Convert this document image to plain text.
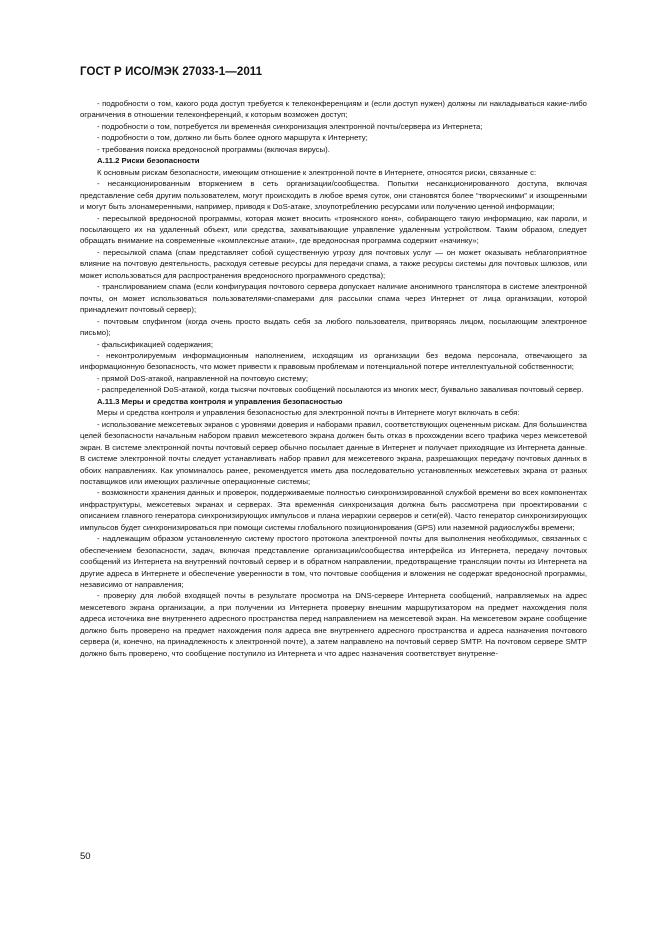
ГОСТ Р ИСО/МЭК 27033-1—2011

- подробности о том, какого рода доступ требуется к телеконференциям и (если доступ нужен) должны ли накладываться какие-либо ограничения в отношении телеконференций, к которым возможен доступ;

- подробности о том, потребуется ли временна́я синхронизация электронной почты/сервера из Интернета;

- подробности о том, должно ли быть более одного маршрута к Интернету;

- требования поиска вредоносной программы (включая вирусы).

А.11.2 Риски безопасности

К основным рискам безопасности, имеющим отношение к электронной почте в Интернете, относятся риски, связанные с:

- несанкционированным вторжением в сеть организации/сообщества. Попытки несанкционированного доступа, включая представление себя другим пользователем, могут происходить в любое время суток, они становятся более “творческими” и изощренными и могут быть злонамеренными, например, приводя к DoS-атаке, злоупотреблению ресурсами или получению ценной информации;

- пересылкой вредоносной программы, которая может вносить «троянского коня», собирающего такую информацию, как пароли, и посылающего их на удаленный объект, или средства, захватывающие управление удаленным устройством. Таким образом, следует обращать внимание на современные «комплексные атаки», где вредоносная программа содержит «начинку»;

- пересылкой спама (спам представляет собой существенную угрозу для почтовых услуг — он может оказывать неблагоприятное влияние на почтовую деятельность, расходуя сетевые ресурсы для передачи спама, а также ресурсы системы для почтовых шлюзов, или может использоваться для распространения вредоносного программного средства);

- транслированием спама (если конфигурация почтового сервера допускает наличие анонимного транслятора в системе электронной почты, он может использоваться пользователями-спамерами для рассылки спама через Интернет от лица организации, которой принадлежит почтовый сервер);

- почтовым спуфингом (когда очень просто выдать себя за любого пользователя, притворяясь лицом, посылающим электронное письмо);

- фальсификацией содержания;

- неконтролируемым информационным наполнением, исходящим из организации без ведома персонала, отвечающего за информационную безопасность, что может привести к правовым проблемам и потенциальной потере интеллектуальной собственности;

- прямой DoS-атакой, направленной на почтовую систему;

- распределенной DoS-атакой, когда тысячи почтовых сообщений посылаются из многих мест, буквально заваливая почтовый сервер.

А.11.3 Меры и средства контроля и управления безопасностью

Меры и средства контроля и управления безопасностью для электронной почты в Интернете могут включать в себя:

- использование межсетевых экранов с уровнями доверия и наборами правил, соответствующих оцененным рискам. Для большинства целей безопасности начальным набором правил межсетевого экрана должен быть отказ в прохождении всего трафика через межсетевой экран. В системе электронной почты почтовый сервер обычно посылает данные в Интернет и получает приходящие из Интернета данные. В системе электронной почты следует устанавливать набор правил для межсетевого экрана, разрешающих передачу почтовых данных в обоих направлениях. Как упоминалось ранее, рекомендуется иметь два последовательно установленных межсетевых экрана от разных поставщиков или имеющих различные операционные системы;

- возможности хранения данных и проверок, поддерживаемые полностью синхронизированной службой времени во всех компонентах инфраструктуры, межсетевых экранах и серверах. Эта временна́я синхронизация должна быть рассмотрена при проектировании с описанием главного генератора синхронизирующих импульсов и плана иерархии серверов и сети(ей). Часто генератор синхронизирующих импульсов будет синхронизироваться при помощи системы глобального позиционирования (GPS) или наземной радиослужбы времени;

- надлежащим образом установленную систему простого протокола электронной почты для выполнения необходимых, связанных с обеспечением безопасности, задач, включая представление организации/сообщества интерфейса из Интернета, передачу почтовых сообщений из Интернета на внутренний почтовый сервер и в обратном направлении, предотвращение трансляции почты из Интернета на другие адреса в Интернете и обеспечение уверенности в том, что почтовые сообщения и вложения не содержат вредоносной программы, независимо от направления;

- проверку для любой входящей почты в результате просмотра на DNS-сервере Интернета сообщений, направляемых на адрес межсетевого экрана организации, а при получении из Интернета проверку внешним маршрутизатором на предмет нахождения поля адреса источника вне внутреннего адресного пространства перед направлением на межсетевой экран. На межсетевом экране сообщение должно быть проверено на предмет нахождения поля адреса вне внутреннего адресного пространства и адреса назначения почтового сервера (и, конечно, на принадлежность к электронной почте), а затем направлено на почтовый сервер SMTP. На почтовом сервере SMTP должно быть проверено, что сообщение поступило из Интернета и что адрес назначения соответствует внутренне-

50
